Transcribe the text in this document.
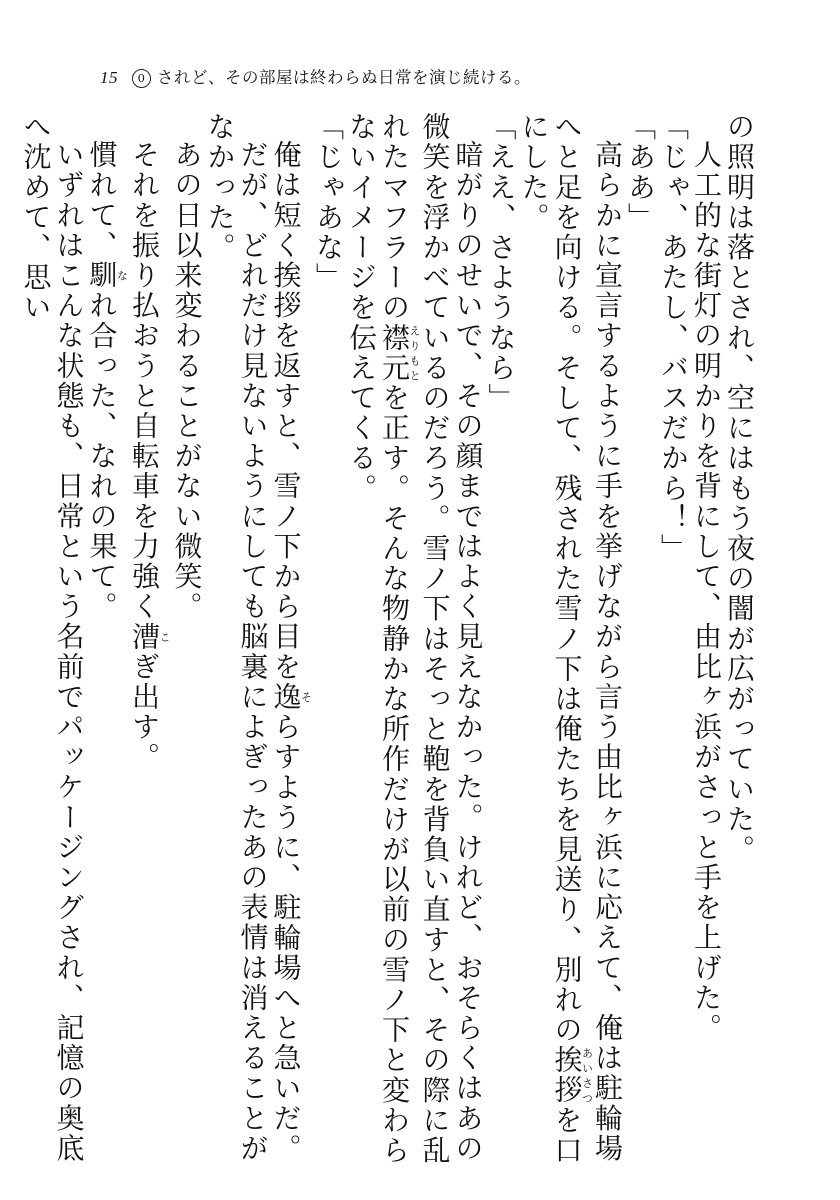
15	0 されど、その部屋は終わらぬ日常を演じ続ける。

の照明は落とされ、空にはもう夜の闇が広がっていた。

人工的な街灯の明かりを背にして、由比ヶ浜がさっと手を上げた。

「じゃ、あたし、バスだから！」

「ああ」

高らかに宣言するように手を挙げながら言う由比ヶ浜に応えて、俺は駐輪場へと足を向ける。そして、残された雪ノ下は俺たちを見送り、別れの挨拶あいさつを口にした。

「ええ、さようなら」

暗がりのせいで、その顔まではよく見えなかった。けれど、おそらくはあの微笑を浮かべているのだろう。雪ノ下はそっと鞄を背負い直すと、その際に乱れたマフラーの襟元えりもとを正す。そんな物静かな所作だけが以前の雪ノ下と変わらないイメージを伝えてくる。

「じゃあな」

俺は短く挨拶を返すと、雪ノ下から目を逸そらすように、駐輪場へと急いだ。

だが、どれだけ見ないようにしても脳裏によぎったあの表情は消えることがなかった。

あの日以来変わることがない微笑。

それを振り払おうと自転車を力強く漕こぎ出す。

慣れて、馴なれ合った、なれの果て。

いずれはこんな状態も、日常という名前でパッケージングされ、記憶の奥底へ沈めて、思い
